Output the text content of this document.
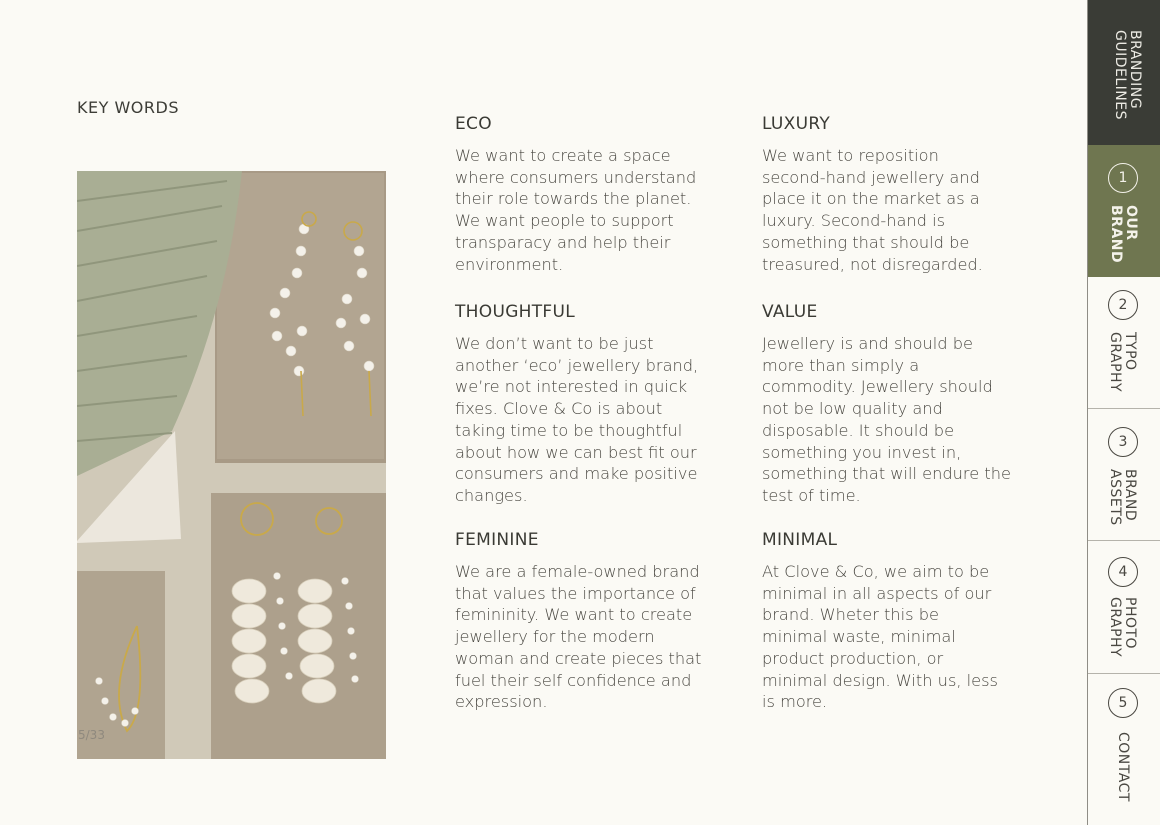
KEY WORDS
5/33
ECO

We want to create a space where consumers understand their role towards the planet. We want people to support transparacy and help their environment.

LUXURY

We want to reposition second-hand jewellery and place it on the market as a luxury. Second-hand is something that should be treasured, not disregarded.

THOUGHTFUL

We don’t want to be just another ‘eco’ jewellery brand, we’re not interested in quick fixes. Clove & Co is about taking time to be thoughtful about how we can best fit our consumers and make positive changes.

VALUE

Jewellery is and should be more than simply a commodity. Jewellery should not be low quality and disposable. It should be something you invest in, something that will endure the test of time.

FEMININE

We are a female-owned brand that values the importance of femininity. We want to create jewellery for the modern woman and create pieces that fuel their self confidence and expression.

MINIMAL

At Clove & Co, we aim to be minimal in all aspects of our brand. Wheter this be minimal waste, minimal product production, or minimal design. With us, less is more.

BRANDING
GUIDELINES
1
OUR
BRAND
2
TYPO
GRAPHY
3
BRAND
ASSETS
4
PHOTO
GRAPHY
5
CONTACT
